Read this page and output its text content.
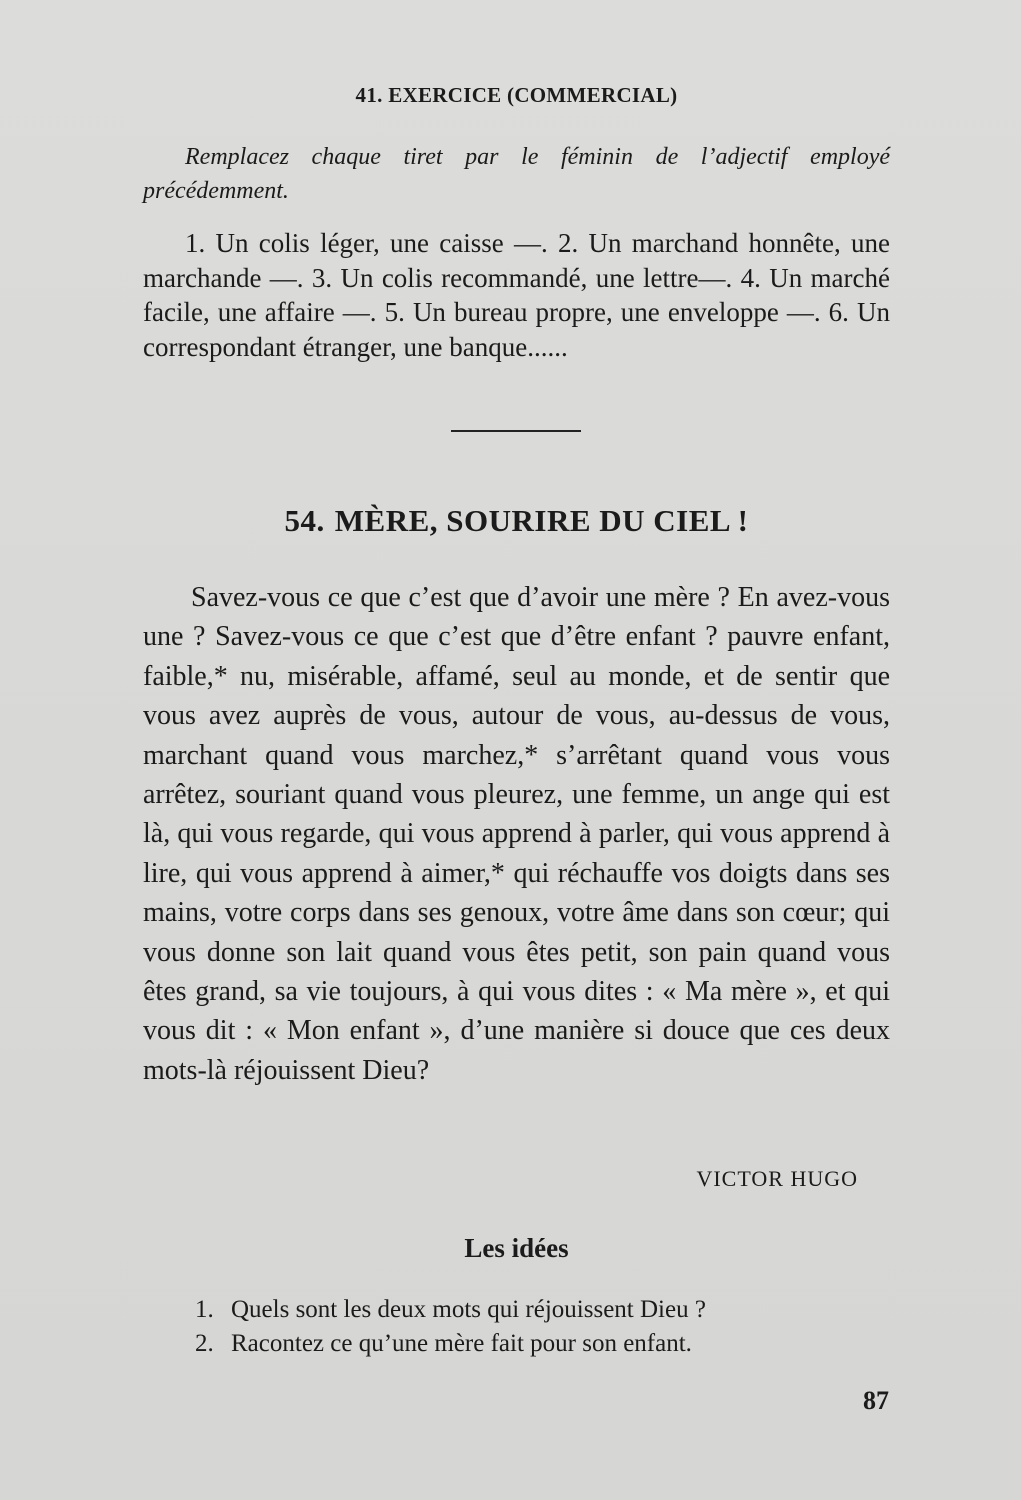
41. EXERCICE (COMMERCIAL)
Remplacez chaque tiret par le féminin de l’adjectif employé précédemment.
1. Un colis léger, une caisse —. 2. Un marchand honnête, une marchande —. 3. Un colis recommandé, une lettre—. 4. Un marché facile, une affaire —. 5. Un bureau propre, une enveloppe —. 6. Un correspondant étranger, une banque......
54. MÈRE, SOURIRE DU CIEL !
Savez-vous ce que c’est que d’avoir une mère ? En avez-vous une ? Savez-vous ce que c’est que d’être enfant ? pauvre enfant, faible,* nu, misérable, affamé, seul au monde, et de sentir que vous avez auprès de vous, autour de vous, au-dessus de vous, marchant quand vous marchez,* s’arrêtant quand vous vous arrêtez, souriant quand vous pleurez, une femme, un ange qui est là, qui vous regarde, qui vous apprend à parler, qui vous apprend à lire, qui vous apprend à aimer,* qui réchauffe vos doigts dans ses mains, votre corps dans ses genoux, votre âme dans son cœur; qui vous donne son lait quand vous êtes petit, son pain quand vous êtes grand, sa vie toujours, à qui vous dites : « Ma mère », et qui vous dit : « Mon enfant », d’une manière si douce que ces deux mots-là réjouissent Dieu?
VICTOR HUGO
Les idées
1. Quels sont les deux mots qui réjouissent Dieu ?
2. Racontez ce qu’une mère fait pour son enfant.
87
